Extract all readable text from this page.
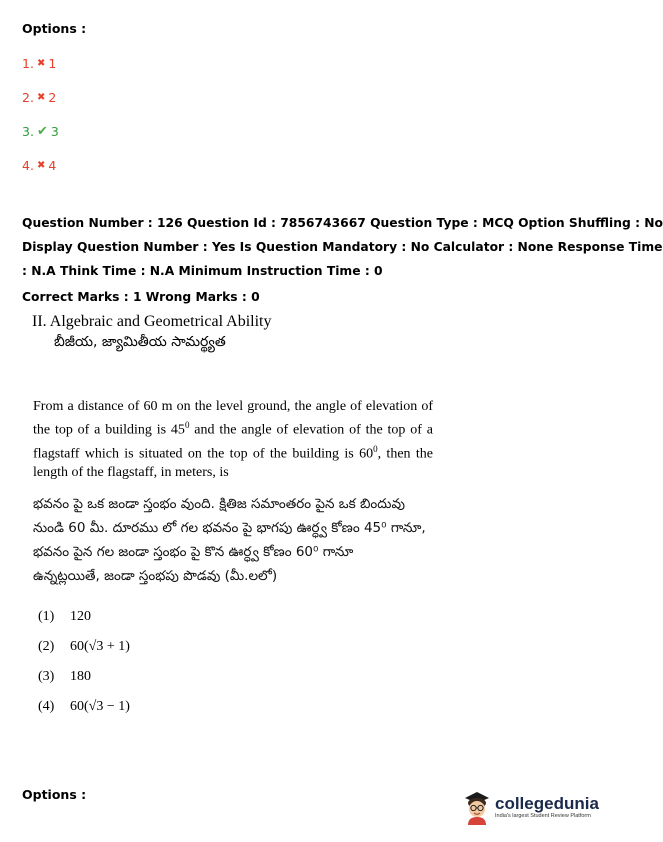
Options :
1. ✖ 1
2. ✖ 2
3. ✔ 3
4. ✖ 4
Question Number : 126 Question Id : 7856743667 Question Type : MCQ Option Shuffling : No
Display Question Number : Yes Is Question Mandatory : No Calculator : None Response Time
: N.A Think Time : N.A Minimum Instruction Time : 0
Correct Marks : 1 Wrong Marks : 0
II. Algebraic and Geometrical Ability
బీజీయ, జ్యామితీయ సామర్థ్యత
From a distance of 60 m on the level ground, the angle of elevation of the top of a building is $45^0$ and the angle of elevation of the top of a flagstaff which is situated on the top of the building is $60^0$, then the length of the flagstaff, in meters, is
భవనం పై ఒక జండా స్తంభం వుంది. క్షితిజ సమాంతరం పైన ఒక బిందువు
నుండి 60 మీ. దూరము లో గల భవనం పై భాగపు ఊర్ధ్వ కోణం 45⁰ గానూ,
భవనం పైన గల జండా స్తంభం పై కొన ఊర్ధ్వ కోణం 60⁰ గానూ
ఉన్నట్లయితే, జండా స్తంభపు పొడవు (మీ.లలో)
(1)	120
(2)	60(√3 + 1)
(3)	180
(4)	60(√3 − 1)
Options :	collegedunia
India's largest Student Review Platform
